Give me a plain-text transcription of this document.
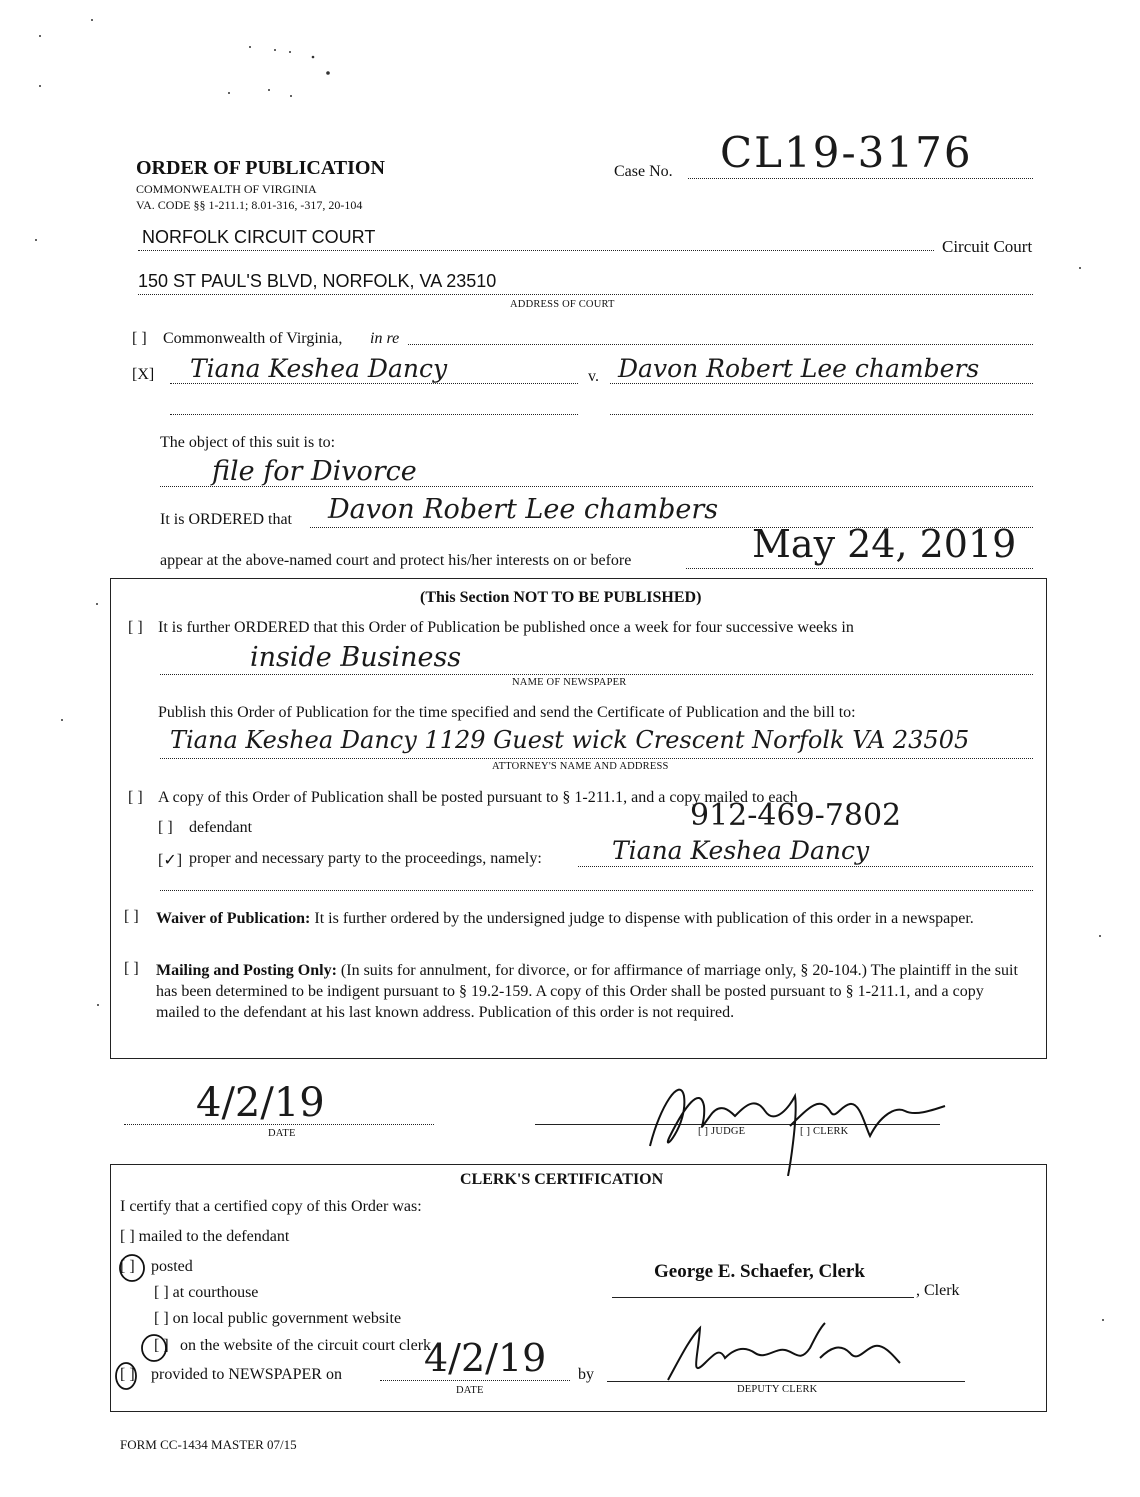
ORDER OF PUBLICATION
COMMONWEALTH OF VIRGINIA
VA. CODE §§ 1-211.1; 8.01-316, -317, 20-104
Case No. CL19-3176
NORFOLK CIRCUIT COURT	Circuit Court
150 ST PAUL'S BLVD, NORFOLK, VA 23510
ADDRESS OF COURT
[ ] Commonwealth of Virginia, in re
[X] Tiana Keshea Dancy	v. Davon Robert Lee chambers
The object of this suit is to:
file for Divorce
It is ORDERED that Davon Robert Lee chambers
appear at the above-named court and protect his/her interests on or before	May 24, 2019
(This Section NOT TO BE PUBLISHED)
[ ] It is further ORDERED that this Order of Publication be published once a week for four successive weeks in
inside Business
NAME OF NEWSPAPER
Publish this Order of Publication for the time specified and send the Certificate of Publication and the bill to:
Tiana Keshea Dancy 1129 Guest wick Crescent Norfolk VA 23505
ATTORNEY'S NAME AND ADDRESS
[ ] A copy of this Order of Publication shall be posted pursuant to § 1-211.1, and a copy mailed to each
912-469-7802
[ ] defendant
[✓] proper and necessary party to the proceedings, namely:	Tiana Keshea Dancy
[ ] Waiver of Publication: It is further ordered by the undersigned judge to dispense with publication of this order in a newspaper.
[ ] Mailing and Posting Only: (In suits for annulment, for divorce, or for affirmance of marriage only, § 20-104.) The plaintiff in the suit has been determined to be indigent pursuant to § 19.2-159. A copy of this Order shall be posted pursuant to § 1-211.1, and a copy mailed to the defendant at his last known address. Publication of this order is not required.
4/2/19
DATE	[ ] JUDGE	[ ] CLERK
CLERK'S CERTIFICATION
I certify that a certified copy of this Order was:
[ ] mailed to the defendant
[ ] posted
[ ] at courthouse
[ ] on local public government website
[ ] on the website of the circuit court clerk
[ ] provided to NEWSPAPER on 4/2/19
DATE
by
DEPUTY CLERK
George E. Schaefer, Clerk
, Clerk
FORM CC-1434 MASTER 07/15
